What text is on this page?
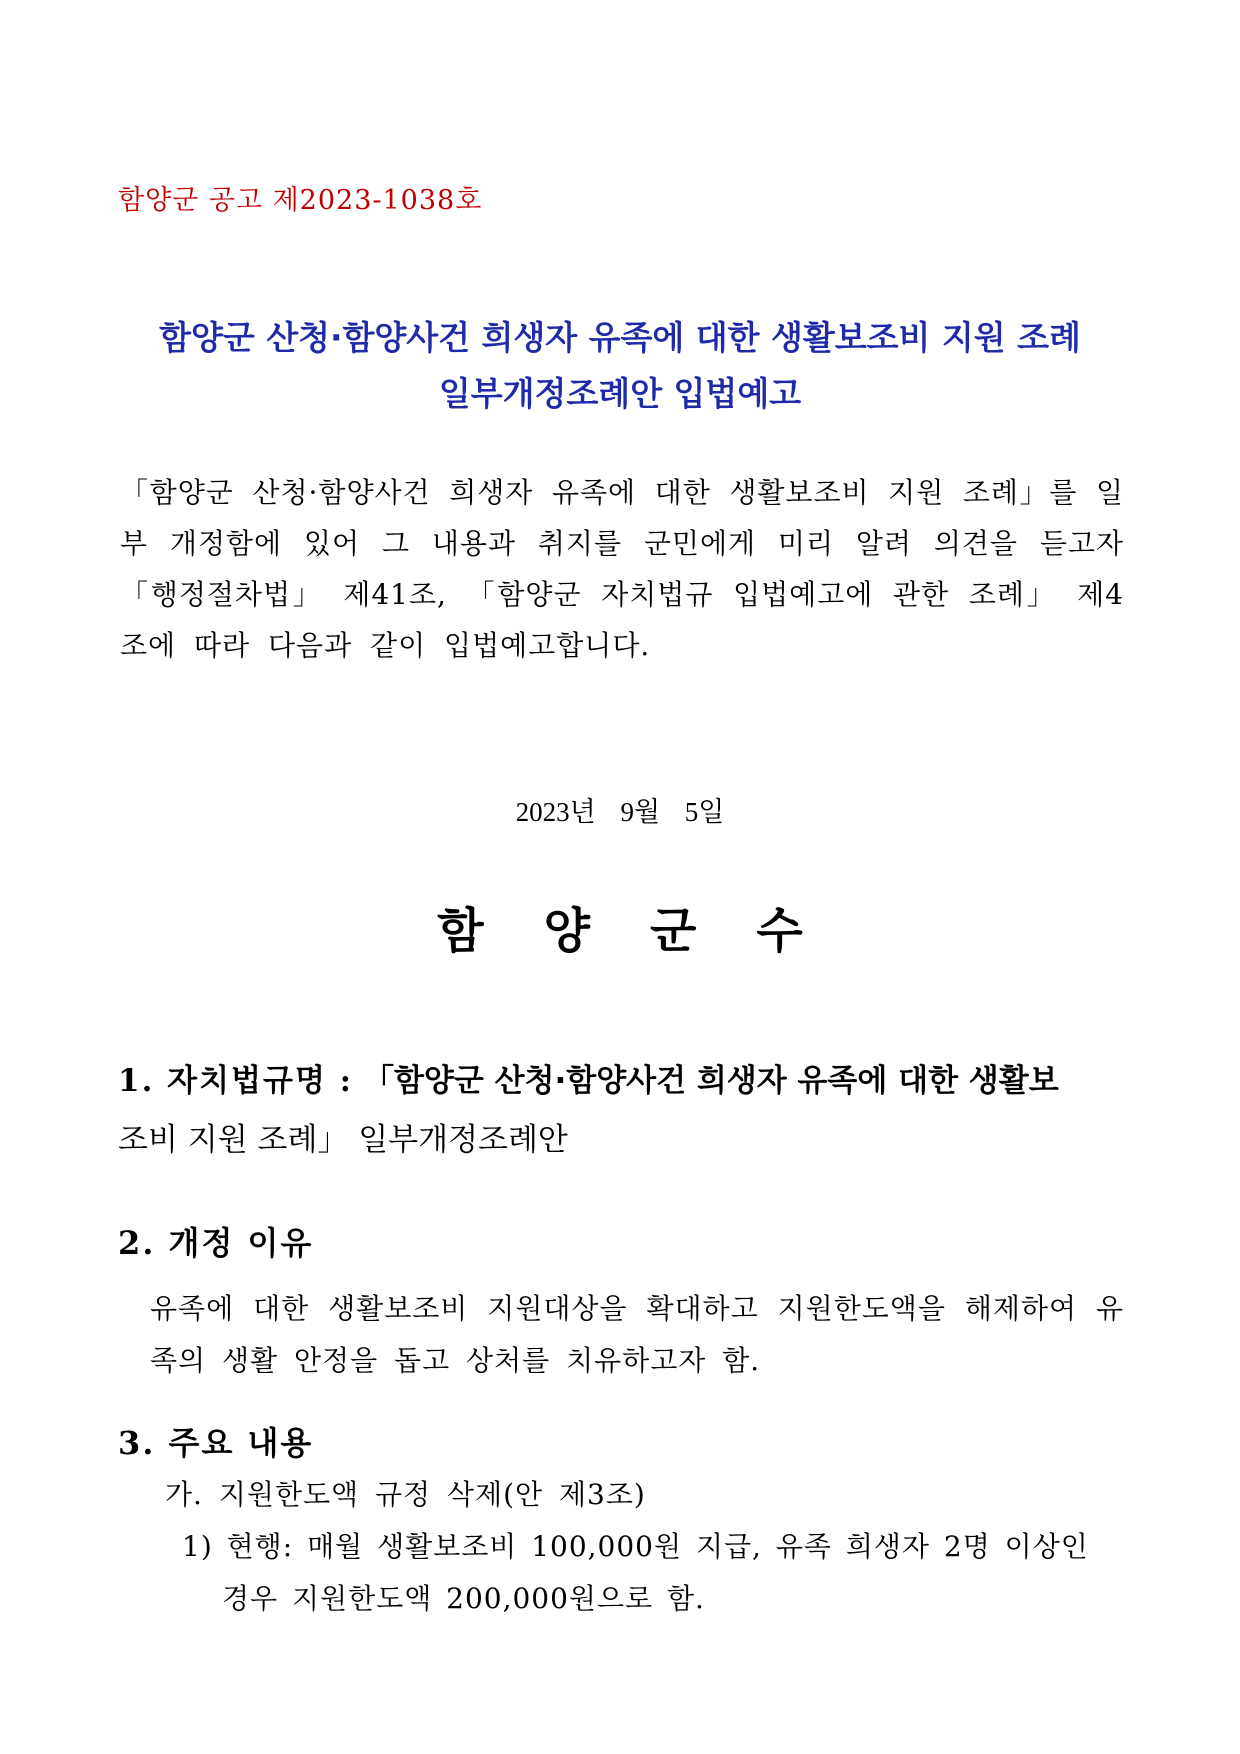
함양군 공고 제2023-1038호
함양군 산청·함양사건 희생자 유족에 대한 생활보조비 지원 조례
일부개정조례안 입법예고
「함양군 산청·함양사건 희생자 유족에 대한 생활보조비 지원 조례」를 일부 개정함에 있어 그 내용과 취지를 군민에게 미리 알려 의견을 듣고자 「행정절차법」 제41조, 「함양군 자치법규 입법예고에 관한 조례」 제4조에 따라 다음과 같이 입법예고합니다.
2023년 9월 5일
함양군수
1. 자치법규명 : 「함양군 산청·함양사건 희생자 유족에 대한 생활보
조비 지원 조례」 일부개정조례안
2. 개정 이유
유족에 대한 생활보조비 지원대상을 확대하고 지원한도액을 해제하여 유족의 생활 안정을 돕고 상처를 치유하고자 함.
3. 주요 내용
가. 지원한도액 규정 삭제(안 제3조)
1) 현행: 매월 생활보조비 100,000원 지급, 유족 희생자 2명 이상인
경우 지원한도액 200,000원으로 함.
